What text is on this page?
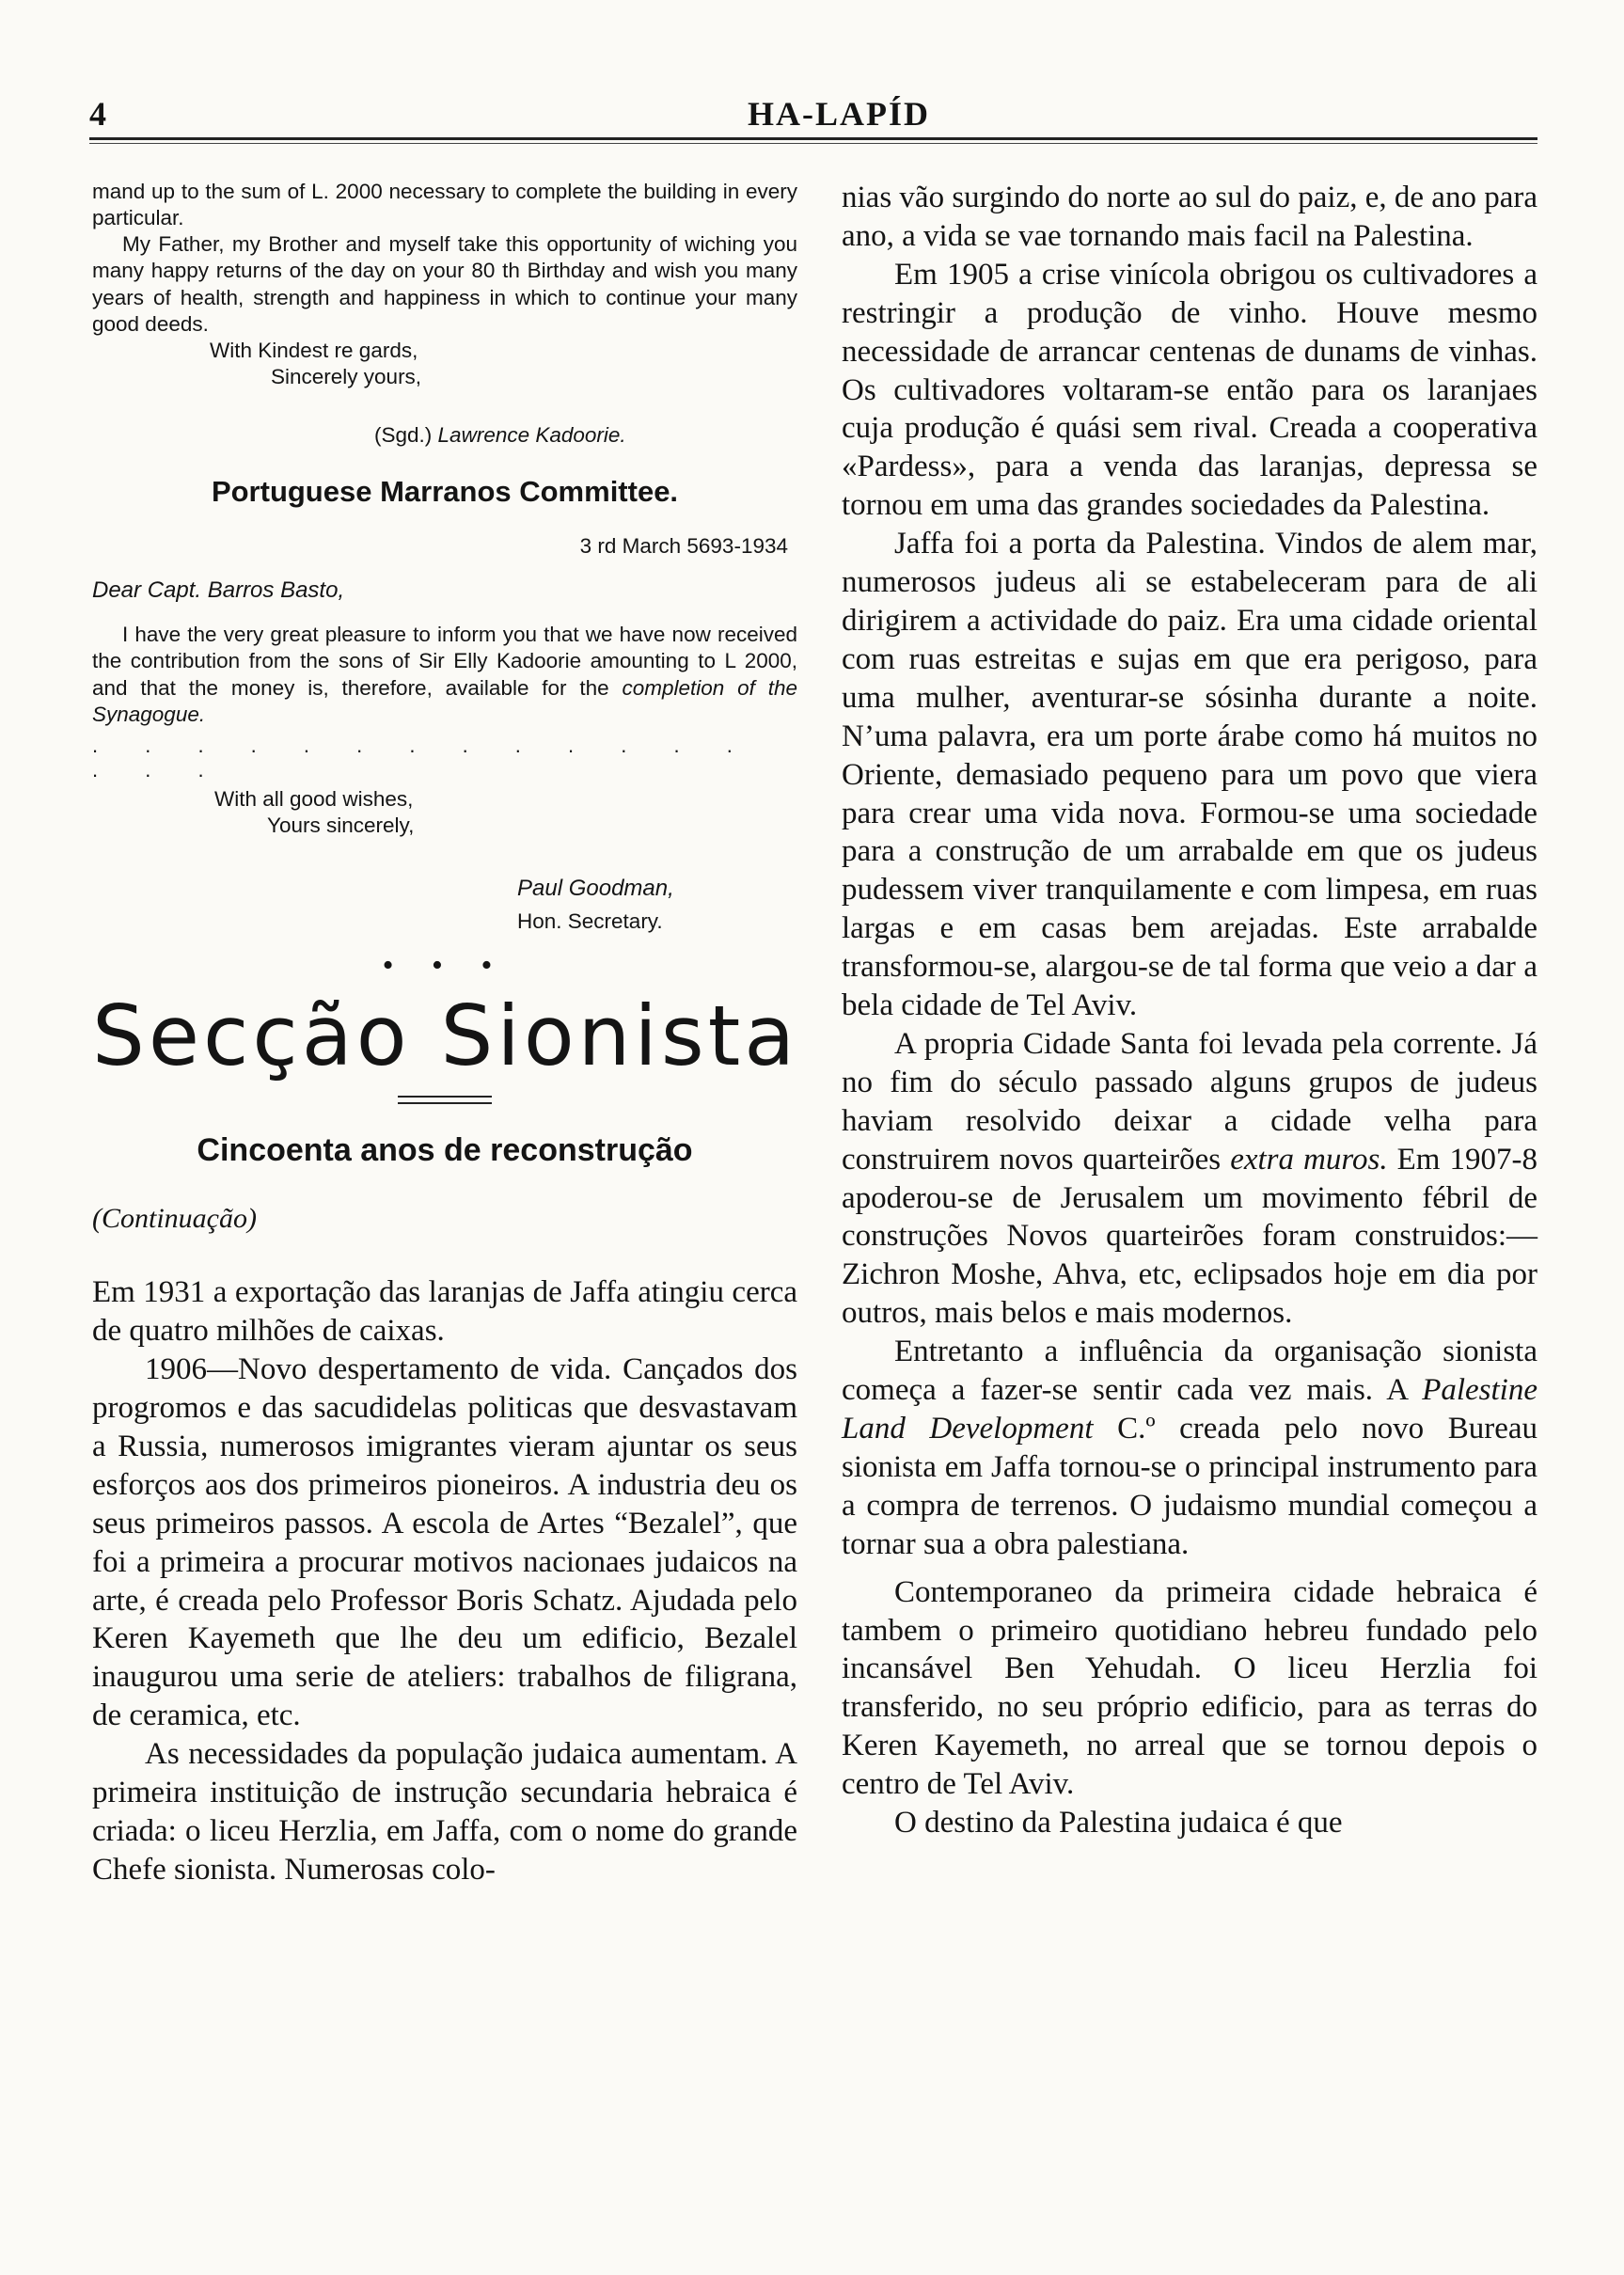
4	HA-LAPÍD

mand up to the sum of L. 2000 necessary to complete the building in every particular.

My Father, my Brother and myself take this opportunity of wiching you many happy returns of the day on your 80 th Birthday and wish you many years of health, strength and happiness in which to continue your many good deeds.

With Kindest re gards,

Sincerely yours,

(Sgd.) Lawrence Kadoorie.

Portuguese Marranos Committee.

3 rd March 5693-1934

Dear Capt. Barros Basto,

I have the very great pleasure to inform you that we have now received the contribution from the sons of Sir Elly Kadoorie amounting to L 2000, and that the money is, therefore, available for the completion of the Synagogue.

. . . . . . . . . . . . . . . .

With all good wishes,

Yours sincerely,

Paul Goodman,

Hon. Secretary.

• • •

Secção Sionista

Cincoenta anos de reconstrução

(Continuação)

Em 1931 a exportação das laranjas de Jaffa atingiu cerca de quatro milhões de caixas.

1906—Novo despertamento de vida. Cançados dos progromos e das sacudidelas politicas que desvastavam a Russia, numerosos imigrantes vieram ajuntar os seus esforços aos dos primeiros pioneiros. A industria deu os seus primeiros passos. A escola de Artes “Bezalel”, que foi a primeira a procurar motivos nacionaes judaicos na arte, é creada pelo Professor Boris Schatz. Ajudada pelo Keren Kayemeth que lhe deu um edificio, Bezalel inaugurou uma serie de ateliers: trabalhos de filigrana, de ceramica, etc.

As necessidades da população judaica aumentam. A primeira instituição de instrução secundaria hebraica é criada: o liceu Herzlia, em Jaffa, com o nome do grande Chefe sionista. Numerosas colo-

nias vão surgindo do norte ao sul do paiz, e, de ano para ano, a vida se vae tornando mais facil na Palestina.

Em 1905 a crise vinícola obrigou os cultivadores a restringir a produção de vinho. Houve mesmo necessidade de arrancar centenas de dunams de vinhas. Os cultivadores voltaram-se então para os laranjaes cuja produção é quási sem rival. Creada a cooperativa «Pardess», para a venda das laranjas, depressa se tornou em uma das grandes sociedades da Palestina.

Jaffa foi a porta da Palestina. Vindos de alem mar, numerosos judeus ali se estabeleceram para de ali dirigirem a actividade do paiz. Era uma cidade oriental com ruas estreitas e sujas em que era perigoso, para uma mulher, aventurar-se sósinha durante a noite. N’uma palavra, era um porte árabe como há muitos no Oriente, demasiado pequeno para um povo que viera para crear uma vida nova. Formou-se uma sociedade para a construção de um arrabalde em que os judeus pudessem viver tranquilamente e com limpesa, em ruas largas e em casas bem arejadas. Este arrabalde transformou-se, alargou-se de tal forma que veio a dar a bela cidade de Tel Aviv.

A propria Cidade Santa foi levada pela corrente. Já no fim do século passado alguns grupos de judeus haviam resolvido deixar a cidade velha para construirem novos quarteirões extra muros. Em 1907-8 apoderou-se de Jerusalem um movimento fébril de construções Novos quarteirões foram construidos:—Zichron Moshe, Ahva, etc, eclipsados hoje em dia por outros, mais belos e mais modernos.

Entretanto a influência da organisação sionista começa a fazer-se sentir cada vez mais. A Palestine Land Development C.º creada pelo novo Bureau sionista em Jaffa tornou-se o principal instrumento para a compra de terrenos. O judaismo mundial começou a tornar sua a obra palestiana.

Contemporaneo da primeira cidade hebraica é tambem o primeiro quotidiano hebreu fundado pelo incansável Ben Yehudah. O liceu Herzlia foi transferido, no seu próprio edificio, para as terras do Keren Kayemeth, no arreal que se tornou depois o centro de Tel Aviv.

O destino da Palestina judaica é que
